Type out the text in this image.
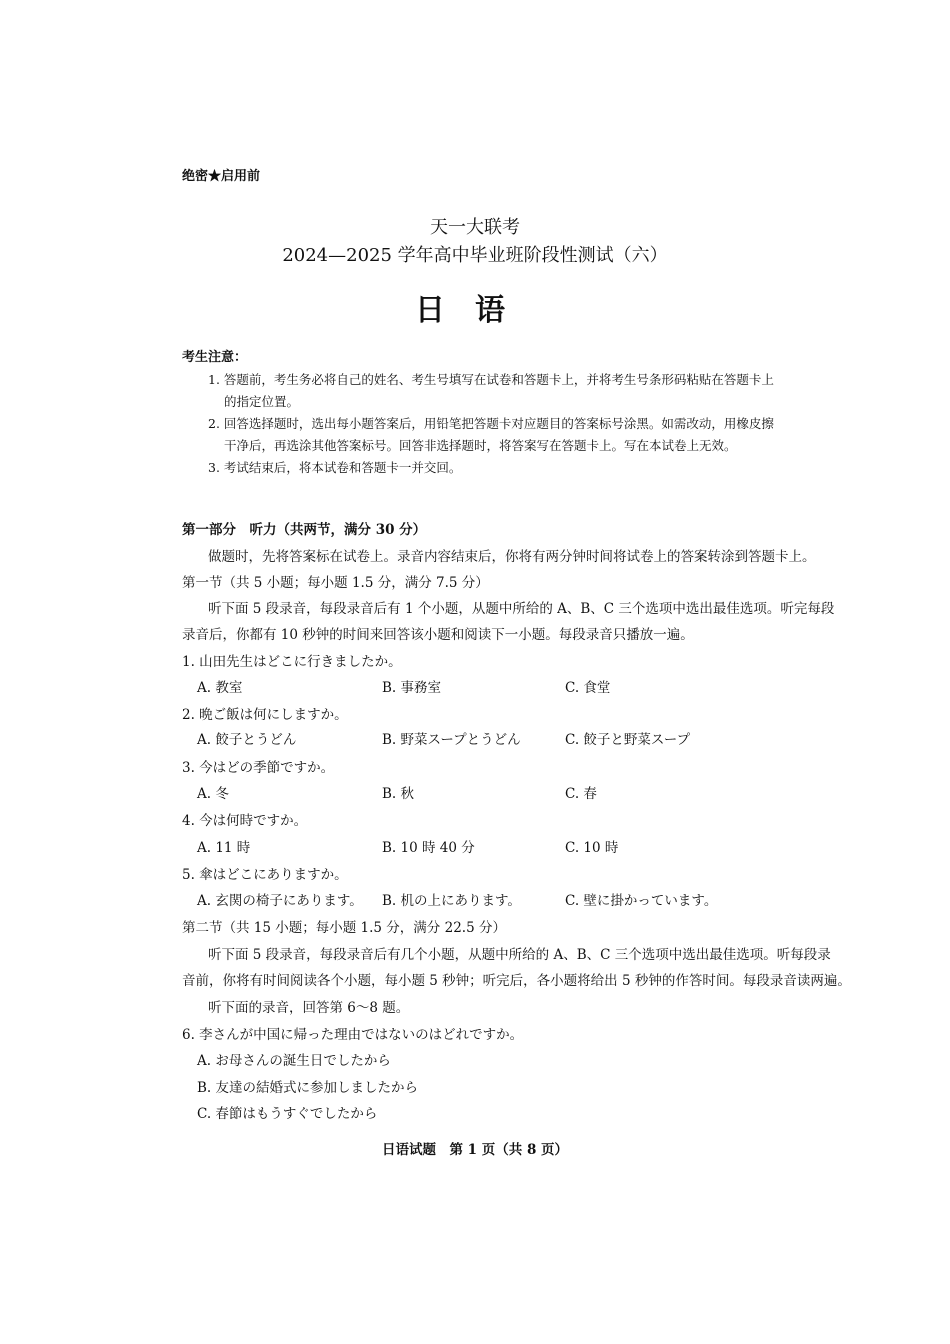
绝密★启用前
天一大联考
2024—2025 学年高中毕业班阶段性测试（六）
日语
考生注意：
1. 答题前，考生务必将自己的姓名、考生号填写在试卷和答题卡上，并将考生号条形码粘贴在答题卡上
的指定位置。
2. 回答选择题时，选出每小题答案后，用铅笔把答题卡对应题目的答案标号涂黑。如需改动，用橡皮擦
干净后，再选涂其他答案标号。回答非选择题时，将答案写在答题卡上。写在本试卷上无效。
3. 考试结束后，将本试卷和答题卡一并交回。
第一部分　听力（共两节，满分 30 分）
做题时，先将答案标在试卷上。录音内容结束后，你将有两分钟时间将试卷上的答案转涂到答题卡上。
第一节（共 5 小题；每小题 1.5 分，满分 7.5 分）
听下面 5 段录音，每段录音后有 1 个小题，从题中所给的 A、B、C 三个选项中选出最佳选项。听完每段
录音后，你都有 10 秒钟的时间来回答该小题和阅读下一小题。每段录音只播放一遍。
1. 山田先生はどこに行きましたか。
A. 教室	B. 事務室	C. 食堂
2. 晩ご飯は何にしますか。
A. 餃子とうどん	B. 野菜スープとうどん	C. 餃子と野菜スープ
3. 今はどの季節ですか。
A. 冬	B. 秋	C. 春
4. 今は何時ですか。
A. 11 時	B. 10 時 40 分	C. 10 時
5. 傘はどこにありますか。
A. 玄関の椅子にあります。 B. 机の上にあります。	C. 壁に掛かっています。
第二节（共 15 小题；每小题 1.5 分，满分 22.5 分）
听下面 5 段录音，每段录音后有几个小题，从题中所给的 A、B、C 三个选项中选出最佳选项。听每段录
音前，你将有时间阅读各个小题，每小题 5 秒钟；听完后，各小题将给出 5 秒钟的作答时间。每段录音读两遍。
听下面的录音，回答第 6～8 题。
6. 李さんが中国に帰った理由ではないのはどれですか。
A. お母さんの誕生日でしたから
B. 友達の結婚式に参加しましたから
C. 春節はもうすぐでしたから
日语试题　第 1 页（共 8 页）
